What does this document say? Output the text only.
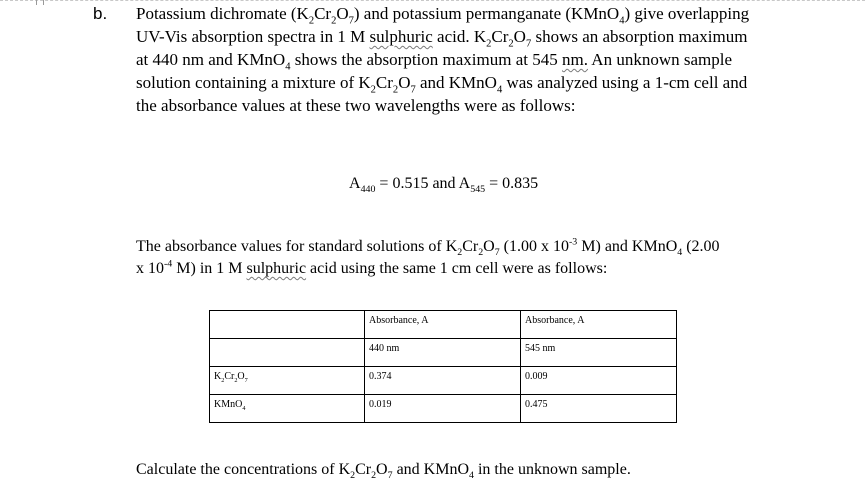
b. Potassium dichromate $(K_2Cr_2O_7)$ and potassium permanganate (KMnO$_4$) give overlapping
UV-Vis absorption spectra in 1 M sulphuric acid. $K_2Cr_2O_7$ shows an absorption maximum
at 440 nm and KMnO$_4$ shows the absorption maximum at 545 nm. An unknown sample
solution containing a mixture of $K_2Cr_2O_7$ and KMnO$_4$ was analyzed using a 1-cm cell and
the absorbance values at these two wavelengths were as follows:
$A_{440} = 0.515$ and $A_{545} = 0.835$
The absorbance values for standard solutions of $K_2Cr_2O_7$ (1.00 x $10^{-3}$ M) and KMnO$_4$ (2.00
x $10^{-4}$ M) in 1 M sulphuric acid using the same 1 cm cell were as follows:
	Absorbance, A	Absorbance, A
	440 nm	545 nm
$K_2Cr_2O_7$	0.374	0.009
KMnO$_4$	0.019	0.475
Calculate the concentrations of $K_2Cr_2O_7$ and KMnO$_4$ in the unknown sample.
